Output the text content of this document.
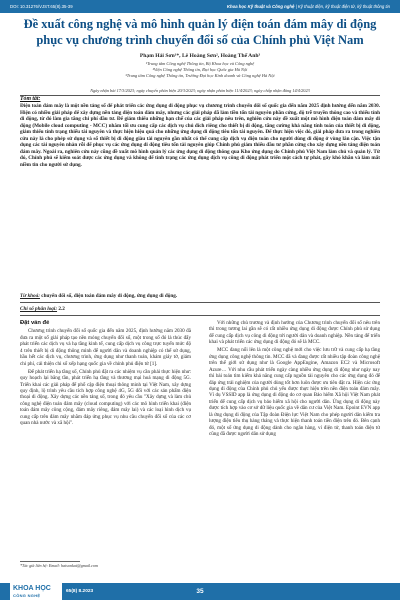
DOI: 10.31276/VJST.65(8).35-39	Khoa học Kỹ thuật và Công nghệ | Kỹ thuật điện, kỹ thuật điện tử, kỹ thuật thông tin
Đề xuất công nghệ và mô hình quản lý điện toán đám mây di động phục vụ chương trình chuyển đổi số của Chính phủ Việt Nam
Phạm Hải Sơn¹*, Lê Hoàng Sơn², Hoàng Thế Anh³
¹Trung tâm Công nghệ Thông tin, Bộ Khoa học và Công nghệ
²Viện Công nghệ Thông tin, Đại học Quốc gia Hà Nội
³Trung tâm Công nghệ Thông tin, Trường Đại học Kinh doanh và Công nghệ Hà Nội
Ngày nhận bài 17/3/2023; ngày chuyển phản biện 20/3/2023; ngày nhận phản biện 11/4/2023; ngày chấp nhận đăng 14/4/2023
Tóm tắt:
Điện toán đám mây là một nền tảng số để phát triển các ứng dụng di động phục vụ chương trình chuyển đổi số quốc gia đến năm 2025 định hướng đến năm 2030. Hiện có nhiều giải pháp để xây dựng nền tảng điện toán đám mây, nhưng các giải pháp đã làm tiền tốn tài nguyên phần cứng, độ trễ truyền thông cao và thiếu tính di động, từ đó làm gia tăng chi phí đầu tư. Để giảm thiểu những hạn chế của các giải pháp nêu trên, nghiên cứu này đề xuất một mô hình điện toán đám mây di động (Mobile cloud computing - MCC) nhằm tối ưu cung cấp các dịch vụ chủ đích riêng cho thiết bị di động, tăng cường khả năng tính toán của thiết bị di động, giảm thiểu tính trạng thiếu tài nguyên và thực hiện hiệu quả cho những ứng dụng di động tiêu tốn tài nguyên. Để thực hiện việc đó, giải pháp đưa ra trong nghiên cứu này là cho phép sử dụng và số thiết bị di động giàu tài nguyên gần nhất có thể cung cấp dịch vụ điện toán cho người dùng di động ở vùng lân cận. Việc tận dụng các tài nguyên nhàn rỗi để phục vụ các ứng dụng di động tiêu tốn tài nguyên giúp Chính phủ giảm thiểu đầu tư phần cứng cho xây dựng nền tảng điện toán đám mây. Ngoài ra, nghiên cứu này cũng đề xuất mô hình quản lý các ứng dụng di động thông qua Kho ứng dụng do Chính phủ Việt Nam làm chủ và quản lý. Từ đó, Chính phủ sẽ kiểm soát được các ứng dụng và không để tình trạng các ứng dụng dịch vụ công di động phát triển một cách tự phát, gây khó khăn và làm mất niềm tin cho người sử dụng.
Từ khoá: chuyển đổi số, điện toán đám mây di động, ứng dụng di động.
Chỉ số phân loại: 2.2
Đặt vấn đề

Chương trình chuyển đổi số quốc gia đến năm 2025, định hướng năm 2030 đã đưa ra một số giải pháp tạo nền móng chuyển đổi số, một trong số đó là thúc đẩy phát triển các dịch vụ và hạ tầng kinh tế, cung cấp dịch vụ công trực tuyến mức độ 4 trên thiết bị di động thông minh để người dân và doanh nghiệp có thể sử dụng, hầu hết các dịch vụ, chương trình, ứng dụng như thanh toán, khám giáy tờ, giảm chi phí, cải thiện chi số xếp hạng quốc gia về chính phủ điện tử [1].

Để phát triển hạ tầng số, Chính phủ đặt ra các nhiệm vụ cần phải thực hiện như: quy hoạch lại băng tần, phát triển hạ tầng và thương mại hoá mạng di động 5G. Triển khai các giải pháp để phổ cập điện thoại thông minh tại Việt Nam, xây dựng quy định, lộ trình yêu cầu tích hợp công nghệ 4G, 5G đối với các sản phẩm điện thoại di động. Xây dựng các nền tảng số, trong đó yêu cầu "Xây dựng và làm chủ công nghệ điện toán đám mây (cloud computing) với các mô hình triển khai (điện toán đám mây công cộng, đám mây riêng, đám mây lai) và các loại hình dịch vụ cung cấp trên đám mây nhằm đáp ứng phục vụ nhu cầu chuyển đổi số của các cơ quan nhà nước và xã hội".

Với những chủ trương và định hướng của Chương trình chuyển đổi số nêu trên thì trong tương lai gần sẽ có rất nhiều ứng dụng di động được Chính phủ sử dụng để cung cấp dịch vụ công di động tới người dân và doanh nghiệp. Nền tảng để triển khai và phát triển các ứng dụng di động đó sẽ là MCC.

MCC đang nổi lên là một công nghệ mới cho việc lưu trữ và cung cấp hạ tầng ứng dụng công nghệ thông tin. MCC đã và đang được rất nhiều tập đoàn công nghệ trên thế giới sử dụng như là Google AppEngine, Amazon EC2 và Microsoft Azure… Với nhu cầu phát triển ngày càng nhiều ứng dụng di động như ngày nay thì bài toán tìm kiếm khả năng cung cấp nguồn tài nguyên cho các ứng dụng đó để đáp ứng trải nghiệm của người dùng tốt hơn luôn được ưu tiên đặt ra. Hiện các ứng dụng di động của Chính phủ chủ yếu được thực hiện trên nền điện toán đám mây. Ví dụ VSSID app là ứng dụng di động do cơ quan Bảo hiểm Xã hội Việt Nam phát triển để cung cấp dịch vụ bảo hiểm xã hội cho người dân. Ứng dụng di động này được tích hợp vào cơ sở dữ liệu quốc gia về dân cư của Việt Nam. Epoint EVN app là ứng dụng di động của Tập đoàn Điện lực Việt Nam cho phép người dân kiểm tra lượng điện tiêu thụ hàng tháng và thực hiện thanh toán tiền điện trên đó. Bên cạnh đó, một số ứng dụng di động dành cho ngân hàng, ví điện tử, thanh toán điện tử cũng đã được người dân sử dụng

*Tác giả liên hệ: Email: haisonkat@gmail.com
KHOA HỌC
CÔNG NGHỆ
65(8) 8.2023	35
